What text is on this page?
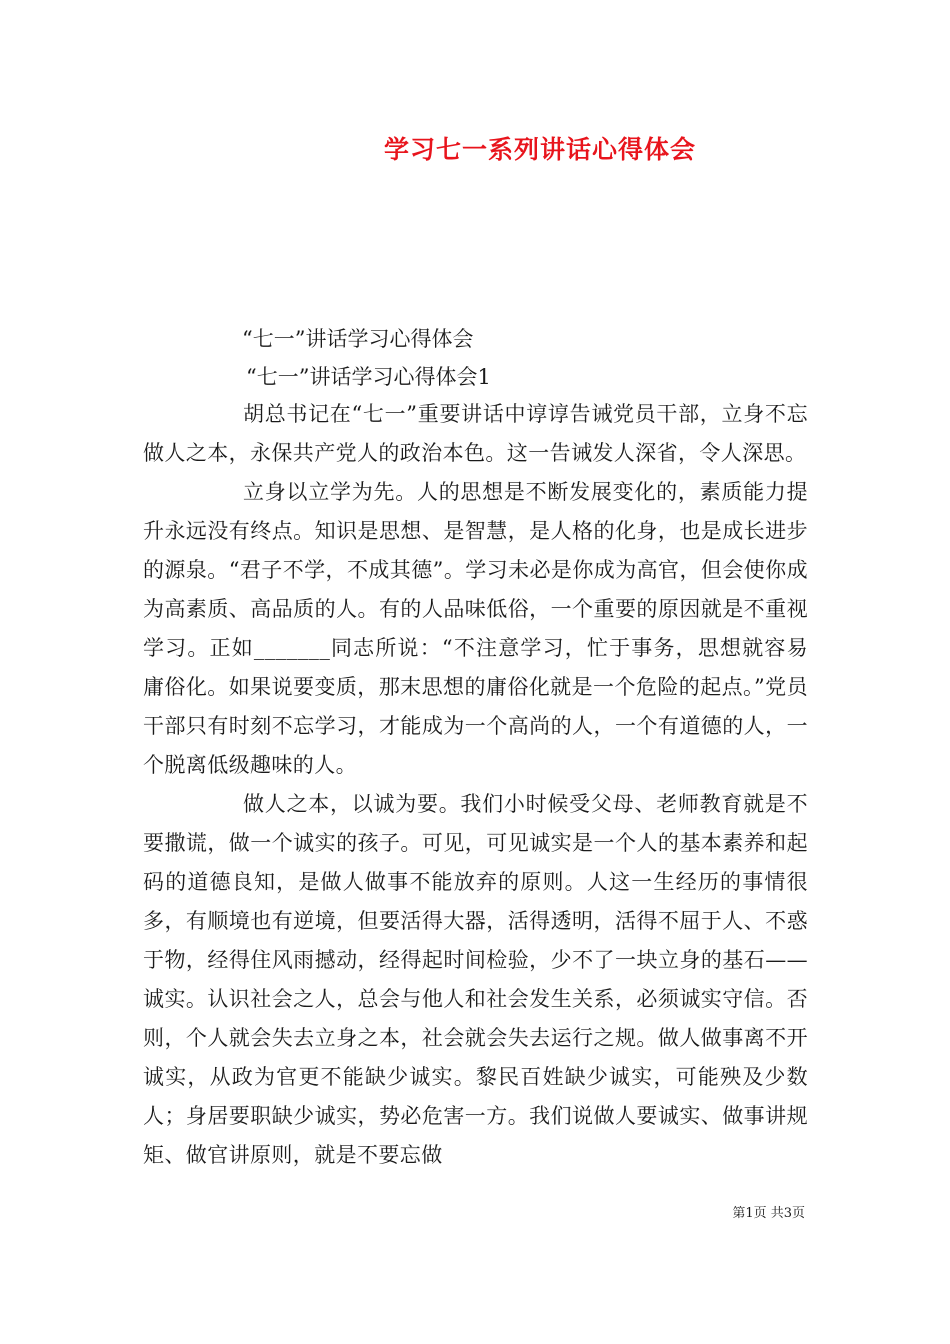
学习七一系列讲话心得体会
“七一”讲话学习心得体会
“七一”讲话学习心得体会1

胡总书记在“七一”重要讲话中谆谆告诫党员干部，立身不忘做人之本，永保共产党人的政治本色。这一告诫发人深省，令人深思。

立身以立学为先。人的思想是不断发展变化的，素质能力提升永远没有终点。知识是思想、是智慧，是人格的化身，也是成长进步的源泉。“君子不学，不成其德”。学习未必是你成为高官，但会使你成为高素质、高品质的人。有的人品味低俗，一个重要的原因就是不重视学习。正如_______同志所说：“不注意学习，忙于事务，思想就容易庸俗化。如果说要变质，那末思想的庸俗化就是一个危险的起点。”党员干部只有时刻不忘学习，才能成为一个高尚的人，一个有道德的人，一个脱离低级趣味的人。

做人之本，以诚为要。我们小时候受父母、老师教育就是不要撒谎，做一个诚实的孩子。可见，可见诚实是一个人的基本素养和起码的道德良知，是做人做事不能放弃的原则。人这一生经历的事情很多，有顺境也有逆境，但要活得大器，活得透明，活得不屈于人、不惑于物，经得住风雨撼动，经得起时间检验，少不了一块立身的基石——诚实。认识社会之人，总会与他人和社会发生关系，必须诚实守信。否则，个人就会失去立身之本，社会就会失去运行之规。做人做事离不开诚实，从政为官更不能缺少诚实。黎民百姓缺少诚实，可能殃及少数人；身居要职缺少诚实，势必危害一方。我们说做人要诚实、做事讲规矩、做官讲原则，就是不要忘做

第1页 共3页
